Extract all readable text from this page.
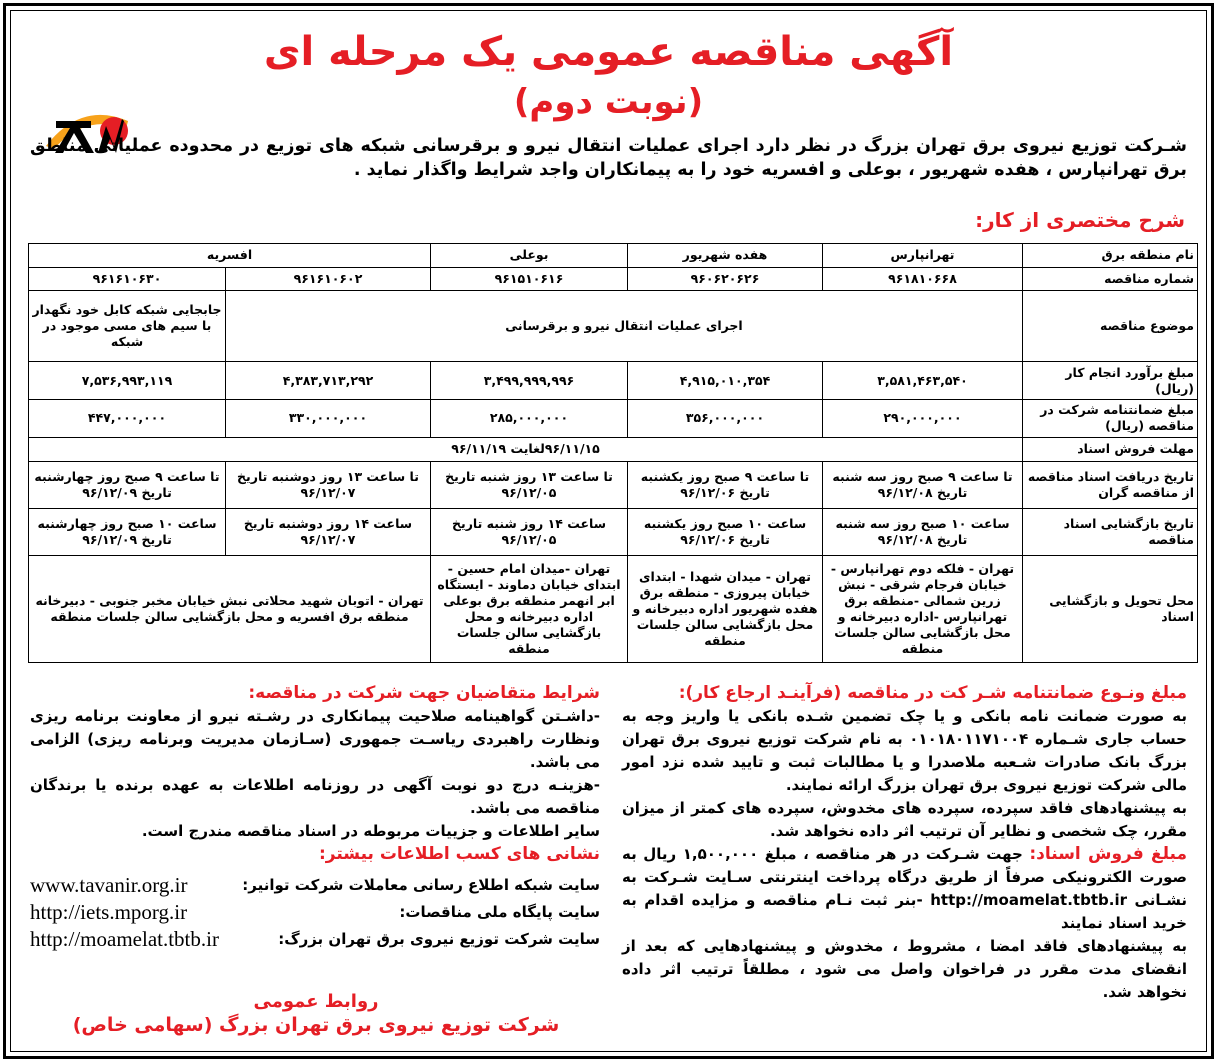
آگهی مناقصه عمومی یک مرحله ای
(نوبت دوم)
شـرکت توزیع نیروی برق تهران بزرگ در نظر دارد اجرای عملیات انتقال نیرو و برقرسانی شبکه های توزیع در محدوده عملیاتی مناطق برق تهرانپارس ، هفده شهریور ، بوعلی و افسریه خود را به پیمانکاران واجد شرایط واگذار نماید .
شرح مختصری از کار:
نام منطقه برق	تهرانپارس	هفده شهریور	بوعلی	افسریه	
شماره مناقصه	۹۶۱۸۱۰۶۶۸	۹۶۰۶۲۰۶۲۶	۹۶۱۵۱۰۶۱۶	۹۶۱۶۱۰۶۰۲	۹۶۱۶۱۰۶۳۰
موضوع مناقصه	اجرای عملیات انتقال نیرو و برقرسانی				جابجایی شبکه کابل خود نگهدار با سیم های مسی موجود در شبکه
مبلغ برآورد انجام کار (ریال)	۳,۵۸۱,۴۶۳,۵۴۰	۴,۹۱۵,۰۱۰,۳۵۴	۳,۴۹۹,۹۹۹,۹۹۶	۴,۳۸۳,۷۱۳,۲۹۲	۷,۵۳۶,۹۹۳,۱۱۹
مبلغ ضمانتنامه شرکت در مناقصه (ریال)	۲۹۰,۰۰۰,۰۰۰	۳۵۶,۰۰۰,۰۰۰	۲۸۵,۰۰۰,۰۰۰	۳۳۰,۰۰۰,۰۰۰	۴۴۷,۰۰۰,۰۰۰
مهلت فروش اسناد	۹۶/۱۱/۱۵لغایت ۹۶/۱۱/۱۹				
تاریخ دریافت اسناد مناقصه از مناقصه گران	تا ساعت ۹ صبح روز سه شنبه تاریخ ۹۶/۱۲/۰۸	تا ساعت ۹ صبح روز یکشنبه تاریخ ۹۶/۱۲/۰۶	تا ساعت ۱۳ روز شنبه تاریخ ۹۶/۱۲/۰۵	تا ساعت ۱۳ روز دوشنبه تاریخ ۹۶/۱۲/۰۷	تا ساعت ۹ صبح روز چهارشنبه تاریخ ۹۶/۱۲/۰۹
تاریخ بازگشایی اسناد مناقصه	ساعت ۱۰ صبح روز سه شنبه تاریخ ۹۶/۱۲/۰۸	ساعت ۱۰ صبح روز یکشنبه تاریخ ۹۶/۱۲/۰۶	ساعت ۱۴ روز شنبه تاریخ ۹۶/۱۲/۰۵	ساعت ۱۴ روز دوشنبه تاریخ ۹۶/۱۲/۰۷	ساعت ۱۰ صبح روز چهارشنبه تاریخ ۹۶/۱۲/۰۹
محل تحویل و بازگشایی اسناد	تهران - فلکه دوم تهرانپارس - خیابان فرجام شرقی - نبش زرین شمالی -منطقه برق تهرانپارس -اداره دبیرخانه و محل بازگشایی سالن جلسات منطقه	تهران - میدان شهدا - ابتدای خیابان پیروزی - منطقه برق هفده شهریور اداره دبیرخانه و محل بازگشایی سالن جلسات منطقه	تهران -میدان امام حسین - ابتدای خیابان دماوند - ایستگاه ابر انهمر منطقه برق بوعلی اداره دبیرخانه و محل بازگشایی سالن جلسات منطقه	تهران - اتوبان شهید محلاتی نبش خیابان مخبر جنوبی - دبیرخانه منطقه برق افسریه و محل بازگشایی سالن جلسات منطقه	
مبلغ ونـوع ضمانتنامه شـر کت در مناقصه (فرآینـد ارجاع کار):

به صورت ضمانت نامه بانکی و یا چک تضمین شـده بانکی یا واریز وجه به حساب جاری شـماره ۰۱۰۱۸۰۱۱۷۱۰۰۴ به نام شرکت توزیع نیروی برق تهران بزرگ بانک صادرات شـعبه ملاصدرا و یا مطالبات ثبت و تایید شده نزد امور مالی شرکت توزیع نیروی برق تهران بزرگ ارائه نمایند.

به پیشنهادهای فاقد سپرده، سپرده های مخدوش، سپرده های کمتر از میزان مقرر، چک شخصی و نظایر آن ترتیب اثر داده نخواهد شد.

مبلغ فروش اسناد: جهت شـرکت در هر مناقصه ، مبلغ ۱,۵۰۰,۰۰۰ ریال به صورت الکترونیکی صرفاً از طریق درگاه پرداخت اینترنتی سـایت شـرکت به نشـانی http://moamelat.tbtb.ir -بنر ثبت نـام مناقصه و مزایده اقدام به خرید اسناد نمایند

به پیشنهادهای فاقد امضا ، مشروط ، مخدوش و پیشنهادهایی که بعد از انقضای مدت مقرر در فراخوان واصل می شود ، مطلقاً ترتیب اثر داده نخواهد شد.

شرایط متقاضیان جهت شرکت در مناقصه:

-داشـتن گواهینامه صلاحیت پیمانکاری در رشـته نیرو از معاونت برنامه ریزی ونظارت راهبردی ریاسـت جمهوری (سـازمان مدیریت وبرنامه ریزی) الزامی می باشد.

-هزینـه درج دو نوبت آگهی در روزنامه اطلاعات به عهده برنده یا برندگان مناقصه می باشد.

سایر اطلاعات و جزییات مربوطه در اسناد مناقصه مندرج است.

نشانی های کسب اطلاعات بیشتر:
سایت شبکه اطلاع رسانی معاملات شرکت توانیر:
www.tavanir.org.ir
سایت پایگاه ملی مناقصات:
http://iets.mporg.ir
سایت شرکت توزیع نیروی برق تهران بزرگ:
http://moamelat.tbtb.ir
روابط عمومی
شرکت توزیع نیروی برق تهران بزرگ (سهامی خاص)
